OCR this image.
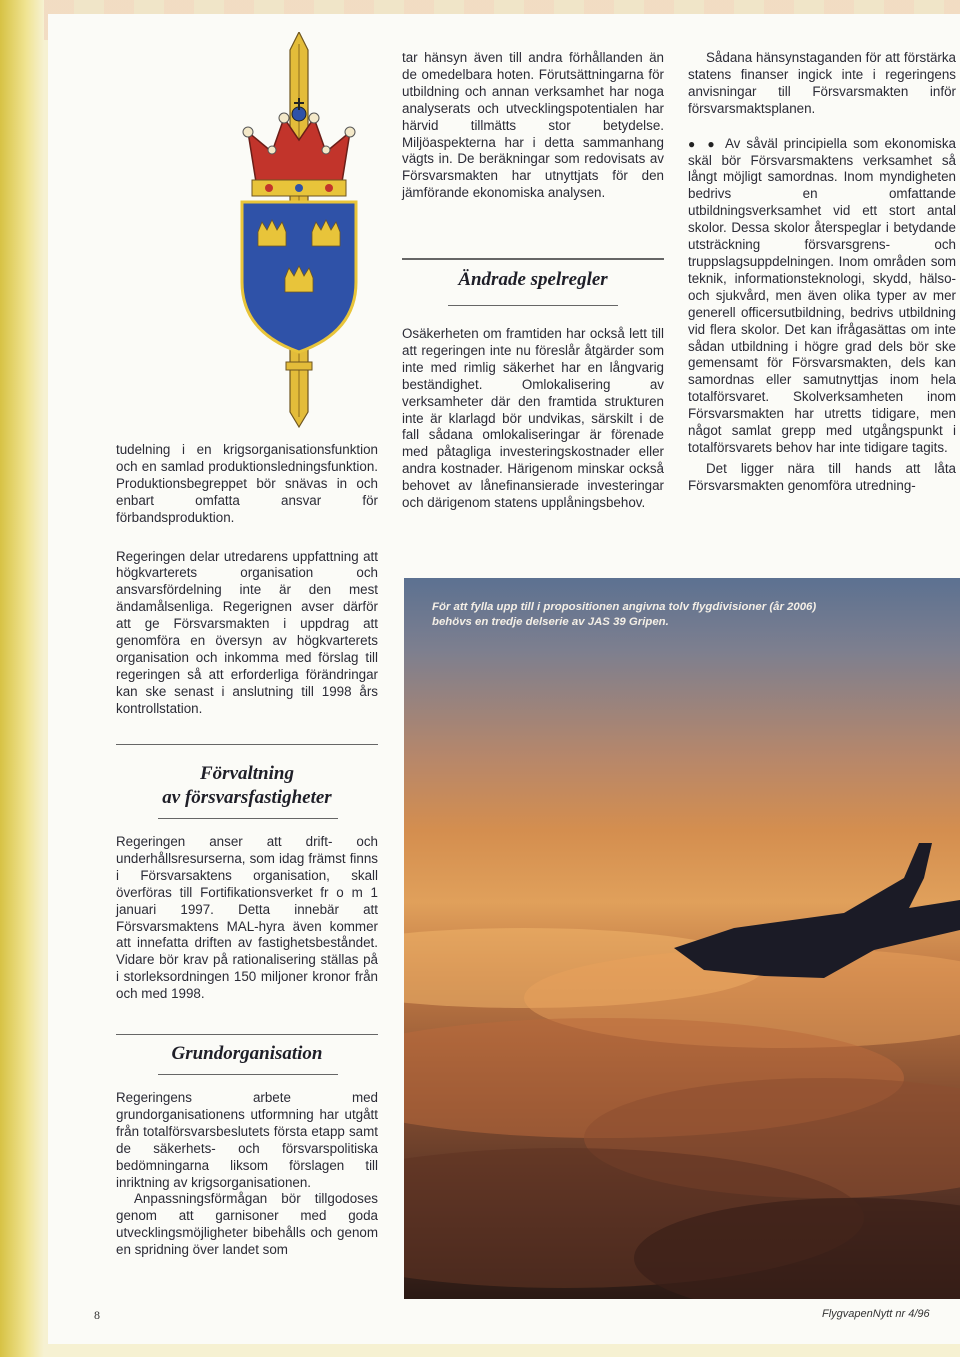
tudelning i en krigsorganisationsfunktion och en samlad produktionsledningsfunktion. Produktionsbegreppet bör snävas in och enbart omfatta ansvar för förbandsproduktion.

Regeringen delar utredarens uppfattning att högkvarterets organisation och ansvarsfördelning inte är den mest ändamålsenliga. Regerignen avser därför att ge Försvarsmakten i uppdrag att genomföra en översyn av högkvarterets organisation och inkomma med förslag till regeringen så att erforderliga förändringar kan ske senast i anslutning till 1998 års kontrollstation.

Förvaltning
av försvarsfastigheter

Regeringen anser att drift- och underhållsresurserna, som idag främst finns i Försvarsaktens organisation, skall överföras till Fortifikationsverket fr o m 1 januari 1997. Detta innebär att Försvarsmaktens MAL-hyra även kommer att innefatta driften av fastighetsbeståndet. Vidare bör krav på rationalisering ställas på i storleksordningen 150 miljoner kronor från och med 1998.

Grundorganisation

Regeringens arbete med grundorganisationens utformning har utgått från totalförsvarsbeslutets första etapp samt de säkerhets- och försvarspolitiska bedömningarna liksom förslagen till inriktning av krigsorganisationen.

Anpassningsförmågan bör tillgodoses genom att garnisoner med goda utvecklingsmöjligheter bibehålls och genom en spridning över landet som

tar hänsyn även till andra förhållanden än de omedelbara hoten. Förutsättningarna för utbildning och annan verksamhet har noga analyserats och utvecklingspotentialen har härvid tillmätts stor betydelse. Miljöaspekterna har i detta sammanhang vägts in. De beräkningar som redovisats av Försvarsmakten har utnyttjats för den jämförande ekonomiska analysen.

Ändrade spelregler

Osäkerheten om framtiden har också lett till att regeringen inte nu föreslår åtgärder som inte med rimlig säkerhet har en långvarig beständighet. Omlokalisering av verksamheter där den framtida strukturen inte är klarlagd bör undvikas, särskilt i de fall sådana omlokaliseringar är förenade med påtagliga investeringskostnader eller andra kostnader. Härigenom minskar också behovet av lånefinansierade investeringar och därigenom statens upplåningsbehov.

Sådana hänsynstaganden för att förstärka statens finanser ingick inte i regeringens anvisningar till Försvarsmakten inför försvarsmaktsplanen.

● ● Av såväl principiella som ekonomiska skäl bör Försvarsmaktens verksamhet så långt möjligt samordnas. Inom myndigheten bedrivs en omfattande utbildningsverksamhet vid ett stort antal skolor. Dessa skolor återspeglar i betydande utsträckning försvarsgrens- och truppslagsuppdelningen. Inom områden som teknik, informationsteknologi, skydd, hälso- och sjukvård, men även olika typer av mer generell officersutbildning, bedrivs utbildning vid flera skolor. Det kan ifrågasättas om inte sådan utbildning i högre grad dels bör ske gemensamt för Försvarsmakten, dels kan samordnas eller samutnyttjas inom hela totalförsvaret. Skolverksamheten inom Försvarsmakten har utretts tidigare, men något samlat grepp med utgångspunkt i totalförsvarets behov har inte tidigare tagits.

Det ligger nära till hands att låta Försvarsmakten genomföra utredning-

För att fylla upp till i propositionen angivna tolv flygdivisioner (år 2006) behövs en tredje delserie av JAS 39 Gripen.
8	FlygvapenNytt nr 4/96
